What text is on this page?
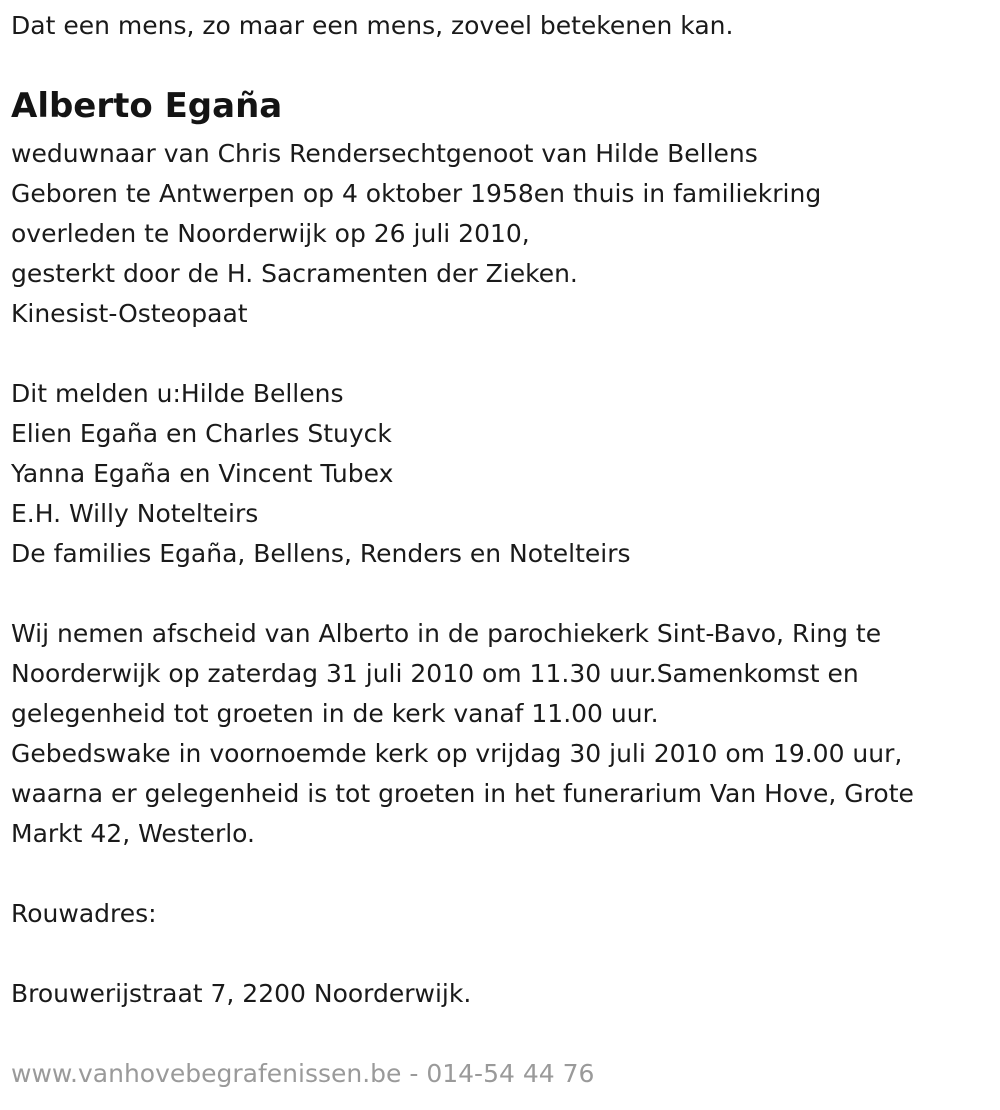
Dat een mens, zo maar een mens, zoveel betekenen kan.

Alberto Egaña

weduwnaar van Chris Rendersechtgenoot van Hilde Bellens

Geboren te Antwerpen op 4 oktober 1958en thuis in familiekring

overleden te Noorderwijk op 26 juli 2010,

gesterkt door de H. Sacramenten der Zieken.

Kinesist-Osteopaat

Dit melden u:Hilde Bellens

Elien Egaña en Charles Stuyck

Yanna Egaña en Vincent Tubex

E.H. Willy Notelteirs

De families Egaña, Bellens, Renders en Notelteirs

Wij nemen afscheid van Alberto in de parochiekerk Sint-Bavo, Ring te

Noorderwijk op zaterdag 31 juli 2010 om 11.30 uur.Samenkomst en

gelegenheid tot groeten in de kerk vanaf 11.00 uur.

Gebedswake in voornoemde kerk op vrijdag 30 juli 2010 om 19.00 uur,

waarna er gelegenheid is tot groeten in het funerarium Van Hove, Grote

Markt 42, Westerlo.

Rouwadres:

Brouwerijstraat 7, 2200 Noorderwijk.

www.vanhovebegrafenissen.be - 014-54 44 76
